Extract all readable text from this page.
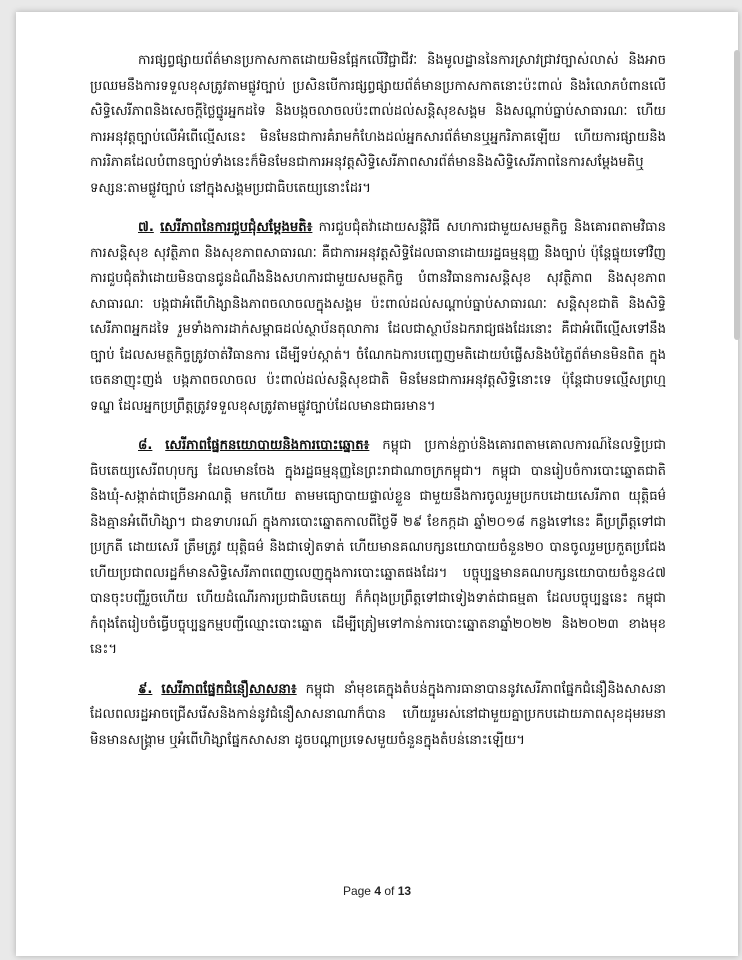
ការផ្សព្វផ្សាយព័ត៌មានប្រកាសកាតដោយមិនផ្អែកលើវិជ្ជាជីវៈ និងមូលដ្ឋាននៃការស្រាវជ្រាវច្បាស់លាស់ និងអាចប្រឈមនឹងការទទួលខុសត្រូវតាមផ្លូវច្បាប់ ប្រសិនបើការផ្សព្វផ្សាយព័ត៌មានប្រកាសកាតនោះប៉ះពាល់ និងរំលោភបំពានលើសិទ្ធិសេរីភាពនិងសេចក្ដីថ្លៃថ្នូរអ្នកដទៃ និងបង្កចលាចលប៉ះពាល់ដល់សន្តិសុខសង្គម និងសណ្ដាប់ធ្នាប់សាធារណៈ ហើយការអនុវត្តច្បាប់លើអំពើល្មើសនេះ មិនមែនជាការគំរាមកំហែងដល់អ្នកសារព័ត៌មានឬអ្នករិភាគឡើយ ហើយការផ្សាយនិងការរិភាគដែលបំពានច្បាប់ទាំងនេះក៏មិនមែនជាការអនុវត្តសិទ្ធិសេរីភាពសារព័ត៌មាននិងសិទ្ធិសេរីភាពនៃការសម្ដែងមតិឬទស្សនៈតាមផ្លូវច្បាប់ នៅក្នុងសង្គមប្រជាធិបតេយ្យនោះដែរ។

៧. សេរីភាពនៃការជួបជុំសម្ដែងមតិ៖ ការជួបជុំតវ៉ាដោយសន្តិវិធី សហការជាមួយសមត្ថកិច្ច និងគោរពតាមវិធានការសន្តិសុខ សុវត្ថិភាព និងសុខភាពសាធារណៈ គឺជាការអនុវត្តសិទ្ធិដែលធានាដោយរដ្ឋធម្មនុញ្ញ និងច្បាប់ ប៉ុន្តែផ្ទុយទៅវិញ ការជួបជុំតវ៉ាដោយមិនបានជូនដំណឹងនិងសហការជាមួយសមត្ថកិច្ច បំពានវិធានការសន្តិសុខ សុវត្ថិភាព និងសុខភាពសាធារណៈ បង្កជាអំពើហិង្សានិងភាពចលាចលក្នុងសង្គម ប៉ះពាល់ដល់សណ្ដាប់ធ្នាប់សាធារណៈ សន្តិសុខជាតិ និងសិទ្ធិសេរីភាពអ្នកដទៃ រួមទាំងការដាក់សម្ពាធដល់ស្ថាប័នតុលាការ ដែលជាស្ថាប័នឯករាជ្យផងដែរនោះ គឺជាអំពើល្មើសទៅនឹងច្បាប់ ដែលសមត្ថកិច្ចត្រូវចាត់វិធានការ ដើម្បីទប់ស្កាត់។ ចំណែកឯការបញ្ចេញមតិដោយបំផ្លើសនិងបំភ្លៃព័ត៌មានមិនពិត ក្នុងចេតនាញុះញង់ បង្កភាពចលាចល ប៉ះពាល់ដល់សន្តិសុខជាតិ មិនមែនជាការអនុវត្តសិទ្ធិនោះទេ ប៉ុន្តែជាបទល្មើសព្រហ្មទណ្ឌ ដែលអ្នកប្រព្រឹត្តត្រូវទទួលខុសត្រូវតាមផ្លូវច្បាប់ដែលមានជាធរមាន។

៨. សេរីភាពផ្នែកនយោបាយនិងការបោះឆ្នោត៖ កម្ពុជា ប្រកាន់ភ្ជាប់និងគោរពតាមគោលការណ៍នៃលទ្ធិប្រជាធិបតេយ្យសេរីពហុបក្ស ដែលមានចែង ក្នុងរដ្ឋធម្មនុញ្ញនៃព្រះរាជាណាចក្រកម្ពុជា។ កម្ពុជា បានរៀបចំការបោះឆ្នោតជាតិ និងឃុំ-សង្កាត់ជាច្រើនអាណត្តិ មកហើយ តាមមធ្យោបាយផ្ទាល់ខ្លួន ជាមួយនឹងការចូលរួមប្រកបដោយសេរីភាព យុត្តិធម៌ និងគ្មានអំពើហិង្សា។ ជាឧទាហរណ៍ ក្នុងការបោះឆ្នោតកាលពីថ្ងៃទី ២៩ ខែកក្កដា ឆ្នាំ២០១៨ កន្លងទៅនេះ គឺប្រព្រឹត្តទៅជាប្រក្រតី ដោយសេរី ត្រឹមត្រូវ យុត្តិធម៌ និងជាទៀតទាត់ ហើយមានគណបក្សនយោបាយចំនួន២០ បានចូលរួមប្រកួតប្រជែង ហើយប្រជាពលរដ្ឋក៏មានសិទ្ធិសេរីភាពពេញលេញក្នុងការបោះឆ្នោតផងដែរ។ បច្ចុប្បន្នមានគណបក្សនយោបាយចំនួន៤៧ បានចុះបញ្ជីរួចហើយ ហើយដំណើរការប្រជាធិបតេយ្យ ក៏កំពុងប្រព្រឹត្តទៅជាទៀងទាត់ជាធម្មតា ដែលបច្ចុប្បន្ននេះ កម្ពុជាកំពុងតែរៀបចំធ្វើបច្ចុប្បន្នកម្មបញ្ជីឈ្មោះបោះឆ្នោត ដើម្បីត្រៀមទៅកាន់ការបោះឆ្នោតនាឆ្នាំ២០២២ និង២០២៣ ខាងមុខនេះ។

៩. សេរីភាពផ្នែកជំនឿសាសនា៖ កម្ពុជា នាំមុខគេក្នុងតំបន់ក្នុងការធានាបាននូវសេរីភាពផ្នែកជំនឿនិងសាសនា ដែលពលរដ្ឋអាចជ្រើសរើសនិងកាន់នូវជំនឿសាសនាណាក៏បាន ហើយរួមរស់នៅជាមួយគ្នាប្រកបដោយភាពសុខដុមរមនា មិនមានសង្គ្រាម ឬអំពើហិង្សាផ្នែកសាសនា ដូចបណ្ដាប្រទេសមួយចំនួនក្នុងតំបន់នោះឡើយ។

Page 4 of 13
